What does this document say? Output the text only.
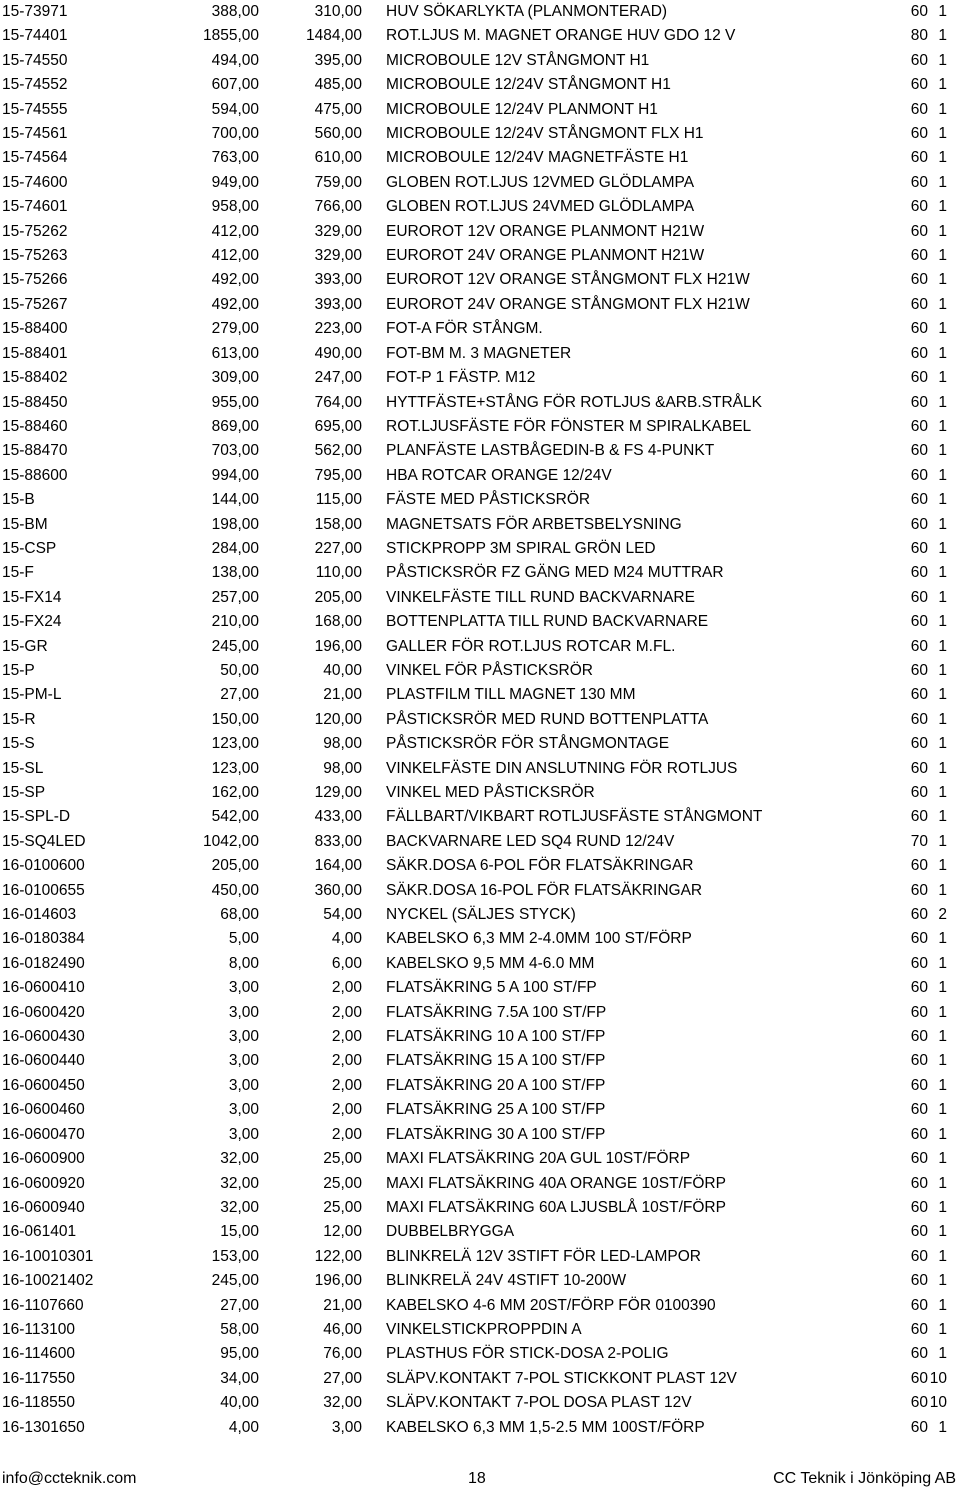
15-73971	388,00	310,00		HUV SÖKARLYKTA (PLANMONTERAD)	60	1
15-74401	1855,00	1484,00		ROT.LJUS M. MAGNET ORANGE HUV GDO 12 V	80	1
15-74550	494,00	395,00		MICROBOULE 12V STÅNGMONT H1	60	1
15-74552	607,00	485,00		MICROBOULE 12/24V STÅNGMONT H1	60	1
15-74555	594,00	475,00		MICROBOULE 12/24V PLANMONT H1	60	1
15-74561	700,00	560,00		MICROBOULE 12/24V STÅNGMONT FLX H1	60	1
15-74564	763,00	610,00		MICROBOULE 12/24V MAGNETFÄSTE H1	60	1
15-74600	949,00	759,00		GLOBEN ROT.LJUS 12VMED GLÖDLAMPA	60	1
15-74601	958,00	766,00		GLOBEN ROT.LJUS 24VMED GLÖDLAMPA	60	1
15-75262	412,00	329,00		EUROROT 12V ORANGE PLANMONT H21W	60	1
15-75263	412,00	329,00		EUROROT 24V ORANGE PLANMONT H21W	60	1
15-75266	492,00	393,00		EUROROT 12V ORANGE STÅNGMONT FLX H21W	60	1
15-75267	492,00	393,00		EUROROT 24V ORANGE STÅNGMONT FLX H21W	60	1
15-88400	279,00	223,00		FOT-A FÖR STÅNGM.	60	1
15-88401	613,00	490,00		FOT-BM M. 3 MAGNETER	60	1
15-88402	309,00	247,00		FOT-P 1 FÄSTP. M12	60	1
15-88450	955,00	764,00		HYTTFÄSTE+STÅNG FÖR ROTLJUS &ARB.STRÅLK	60	1
15-88460	869,00	695,00		ROT.LJUSFÄSTE FÖR FÖNSTER M SPIRALKABEL	60	1
15-88470	703,00	562,00		PLANFÄSTE LASTBÅGEDIN-B & FS 4-PUNKT	60	1
15-88600	994,00	795,00		HBA ROTCAR ORANGE 12/24V	60	1
15-B	144,00	115,00		FÄSTE MED PÅSTICKSRÖR	60	1
15-BM	198,00	158,00		MAGNETSATS FÖR ARBETSBELYSNING	60	1
15-CSP	284,00	227,00		STICKPROPP 3M SPIRAL GRÖN LED	60	1
15-F	138,00	110,00		PÅSTICKSRÖR FZ GÄNG MED M24 MUTTRAR	60	1
15-FX14	257,00	205,00		VINKELFÄSTE TILL RUND BACKVARNARE	60	1
15-FX24	210,00	168,00		BOTTENPLATTA TILL RUND BACKVARNARE	60	1
15-GR	245,00	196,00		GALLER FÖR ROT.LJUS ROTCAR M.FL.	60	1
15-P	50,00	40,00		VINKEL FÖR PÅSTICKSRÖR	60	1
15-PM-L	27,00	21,00		PLASTFILM TILL MAGNET 130 MM	60	1
15-R	150,00	120,00		PÅSTICKSRÖR MED RUND BOTTENPLATTA	60	1
15-S	123,00	98,00		PÅSTICKSRÖR FÖR STÅNGMONTAGE	60	1
15-SL	123,00	98,00		VINKELFÄSTE DIN ANSLUTNING FÖR ROTLJUS	60	1
15-SP	162,00	129,00		VINKEL MED PÅSTICKSRÖR	60	1
15-SPL-D	542,00	433,00		FÄLLBART/VIKBART ROTLJUSFÄSTE STÅNGMONT	60	1
15-SQ4LED	1042,00	833,00		BACKVARNARE LED SQ4 RUND 12/24V	70	1
16-0100600	205,00	164,00		SÄKR.DOSA 6-POL FÖR FLATSÄKRINGAR	60	1
16-0100655	450,00	360,00		SÄKR.DOSA 16-POL FÖR FLATSÄKRINGAR	60	1
16-014603	68,00	54,00		NYCKEL (SÄLJES STYCK)	60	2
16-0180384	5,00	4,00		KABELSKO 6,3 MM 2-4.0MM 100 ST/FÖRP	60	1
16-0182490	8,00	6,00		KABELSKO 9,5 MM 4-6.0 MM	60	1
16-0600410	3,00	2,00		FLATSÄKRING 5 A 100 ST/FP	60	1
16-0600420	3,00	2,00		FLATSÄKRING 7.5A 100 ST/FP	60	1
16-0600430	3,00	2,00		FLATSÄKRING 10 A 100 ST/FP	60	1
16-0600440	3,00	2,00		FLATSÄKRING 15 A 100 ST/FP	60	1
16-0600450	3,00	2,00		FLATSÄKRING 20 A 100 ST/FP	60	1
16-0600460	3,00	2,00		FLATSÄKRING 25 A 100 ST/FP	60	1
16-0600470	3,00	2,00		FLATSÄKRING 30 A 100 ST/FP	60	1
16-0600900	32,00	25,00		MAXI FLATSÄKRING 20A GUL 10ST/FÖRP	60	1
16-0600920	32,00	25,00		MAXI FLATSÄKRING 40A ORANGE 10ST/FÖRP	60	1
16-0600940	32,00	25,00		MAXI FLATSÄKRING 60A LJUSBLÅ 10ST/FÖRP	60	1
16-061401	15,00	12,00		DUBBELBRYGGA	60	1
16-10010301	153,00	122,00		BLINKRELÄ 12V 3STIFT FÖR LED-LAMPOR	60	1
16-10021402	245,00	196,00		BLINKRELÄ 24V 4STIFT 10-200W	60	1
16-1107660	27,00	21,00		KABELSKO 4-6 MM 20ST/FÖRP FÖR 0100390	60	1
16-113100	58,00	46,00		VINKELSTICKPROPPDIN A	60	1
16-114600	95,00	76,00		PLASTHUS FÖR STICK-DOSA 2-POLIG	60	1
16-117550	34,00	27,00		SLÄPV.KONTAKT 7-POL STICKKONT PLAST 12V	60	10
16-118550	40,00	32,00		SLÄPV.KONTAKT 7-POL DOSA PLAST 12V	60	10
16-1301650	4,00	3,00		KABELSKO 6,3 MM 1,5-2.5 MM 100ST/FÖRP	60	1
info@ccteknik.com	18	CC Teknik i Jönköping AB
